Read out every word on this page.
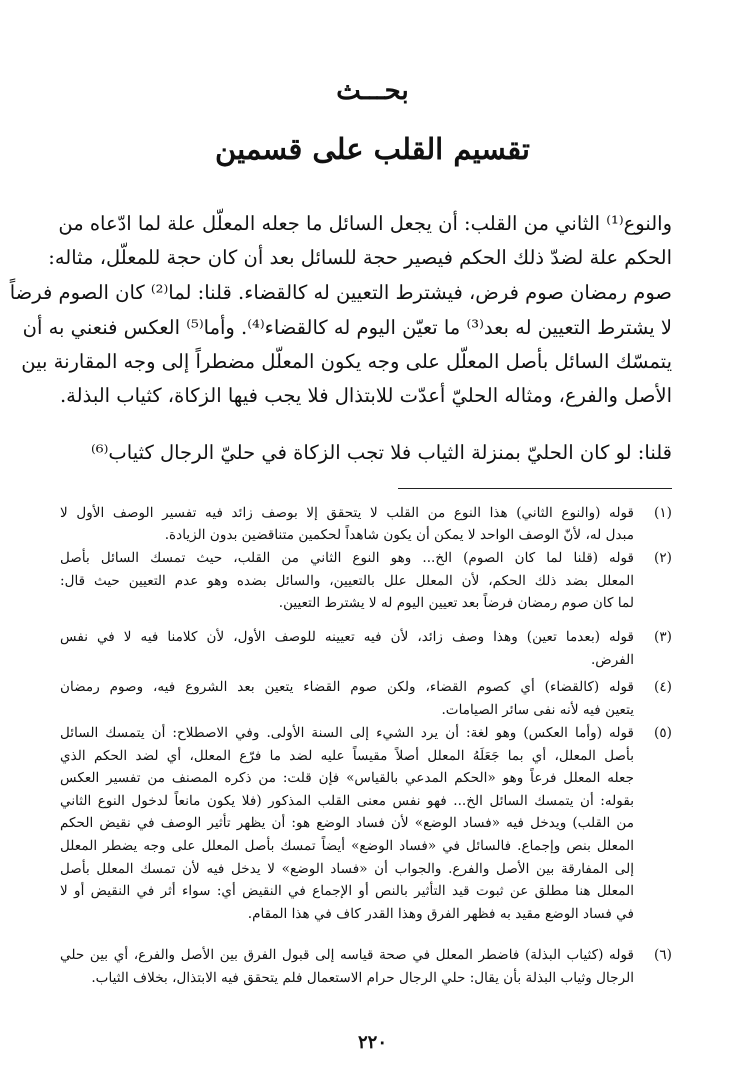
بحـــث
تقسيم القلب على قسمين
والنوع⁽¹⁾ الثاني من القلب: أن يجعل السائل ما جعله المعلّل علة لما ادّعاه من
الحكم علة لضدّ ذلك الحكم فيصير حجة للسائل بعد أن كان حجة للمعلّل، مثاله:
صوم رمضان صوم فرض، فيشترط التعيين له كالقضاء. قلنا: لما⁽²⁾ كان الصوم فرضاً
لا يشترط التعيين له بعد⁽³⁾ ما تعيّن اليوم له كالقضاء⁽⁴⁾. وأما⁽⁵⁾ العكس فنعني به أن
يتمسّك السائل بأصل المعلّل على وجه يكون المعلّل مضطراً إلى وجه المقارنة بين
الأصل والفرع، ومثاله الحليّ أعدّت للابتذال فلا يجب فيها الزكاة، كثياب البذلة.
قلنا: لو كان الحليّ بمنزلة الثياب فلا تجب الزكاة في حليّ الرجال كثياب⁽⁶⁾
(١)
قوله (والنوع الثاني) هذا النوع من القلب لا يتحقق إلا بوصف زائد فيه تفسير الوصف الأول لا
مبدل له، لأنّ الوصف الواحد لا يمكن أن يكون شاهداً لحكمين متناقضين بدون الزيادة.
(٢)
قوله (قلنا لما كان الصوم) الخ... وهو النوع الثاني من القلب، حيث تمسك السائل بأصل
المعلل بضد ذلك الحكم، لأن المعلل علل بالتعيين، والسائل بضده وهو عدم التعيين حيث قال:
لما كان صوم رمضان فرضاً بعد تعيين اليوم له لا يشترط التعيين.
(٣)
قوله (بعدما تعين) وهذا وصف زائد، لأن فيه تعيينه للوصف الأول، لأن كلامنا فيه لا في نفس
الفرض.
(٤)
قوله (كالقضاء) أي كصوم القضاء، ولكن صوم القضاء يتعين بعد الشروع فيه، وصوم رمضان
يتعين فيه لأنه نفى سائر الصيامات.
(٥)
قوله (وأما العكس) وهو لغة: أن يرد الشيء إلى السنة الأولى. وفي الاصطلاح: أن يتمسك السائل
بأصل المعلل، أي بما جَعَلَهُ المعلل أصلاً مقيساً عليه لضد ما فرّع المعلل، أي لضد الحكم الذي
جعله المعلل فرعاً وهو «الحكم المدعي بالقياس» فإن قلت: من ذكره المصنف من تفسير العكس
بقوله: أن يتمسك السائل الخ... فهو نفس معنى القلب المذكور (فلا يكون مانعاً لدخول النوع الثاني
من القلب) ويدخل فيه «فساد الوضع» لأن فساد الوضع هو: أن يظهر تأثير الوصف في نقيض الحكم
المعلل بنص وإجماع. فالسائل في «فساد الوضع» أيضاً تمسك بأصل المعلل على وجه يضطر المعلل
إلى المفارقة بين الأصل والفرع. والجواب أن «فساد الوضع» لا يدخل فيه لأن تمسك المعلل بأصل
المعلل هنا مطلق عن ثبوت قيد التأثير بالنص أو الإجماع في النقيض أي: سواء أثر في النقيض أو لا
في فساد الوضع مقيد به فظهر الفرق وهذا القدر كاف في هذا المقام.
(٦)
قوله (كثياب البذلة) فاضطر المعلل في صحة قياسه إلى قبول الفرق بين الأصل والفرع، أي بين حلي
الرجال وثياب البذلة بأن يقال: حلي الرجال حرام الاستعمال فلم يتحقق فيه الابتذال، بخلاف الثياب.
٢٢٠
